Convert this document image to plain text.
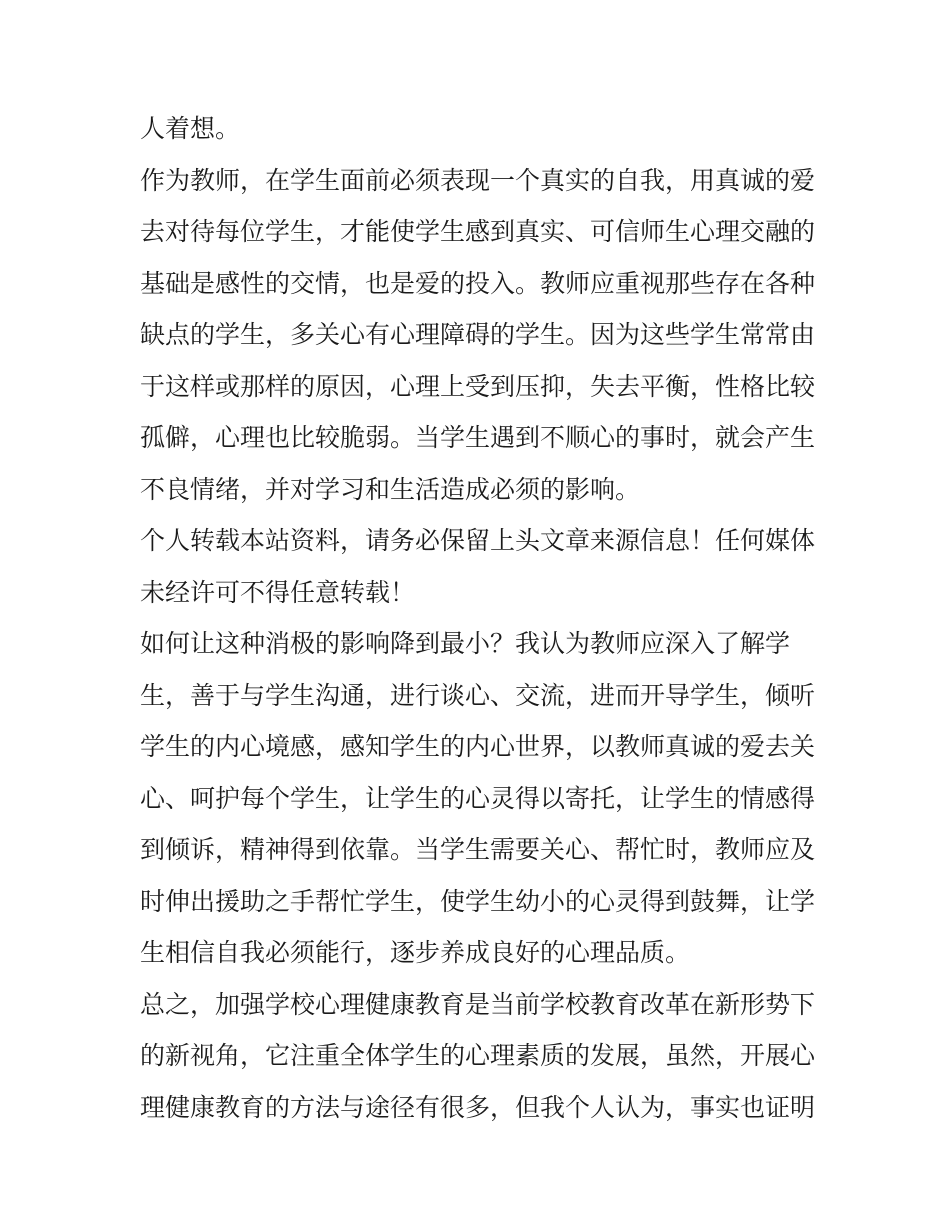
人着想。
作为教师，在学生面前必须表现一个真实的自我，用真诚的爱
去对待每位学生，才能使学生感到真实、可信师生心理交融的
基础是感性的交情，也是爱的投入。教师应重视那些存在各种
缺点的学生，多关心有心理障碍的学生。因为这些学生常常由
于这样或那样的原因，心理上受到压抑，失去平衡，性格比较
孤僻，心理也比较脆弱。当学生遇到不顺心的事时，就会产生
不良情绪，并对学习和生活造成必须的影响。
个人转载本站资料，请务必保留上头文章来源信息！任何媒体
未经许可不得任意转载！
如何让这种消极的影响降到最小？我认为教师应深入了解学
生，善于与学生沟通，进行谈心、交流，进而开导学生，倾听
学生的内心境感，感知学生的内心世界，以教师真诚的爱去关
心、呵护每个学生，让学生的心灵得以寄托，让学生的情感得
到倾诉，精神得到依靠。当学生需要关心、帮忙时，教师应及
时伸出援助之手帮忙学生，使学生幼小的心灵得到鼓舞，让学
生相信自我必须能行，逐步养成良好的心理品质。
总之，加强学校心理健康教育是当前学校教育改革在新形势下
的新视角，它注重全体学生的心理素质的发展，虽然，开展心
理健康教育的方法与途径有很多，但我个人认为，事实也证明
